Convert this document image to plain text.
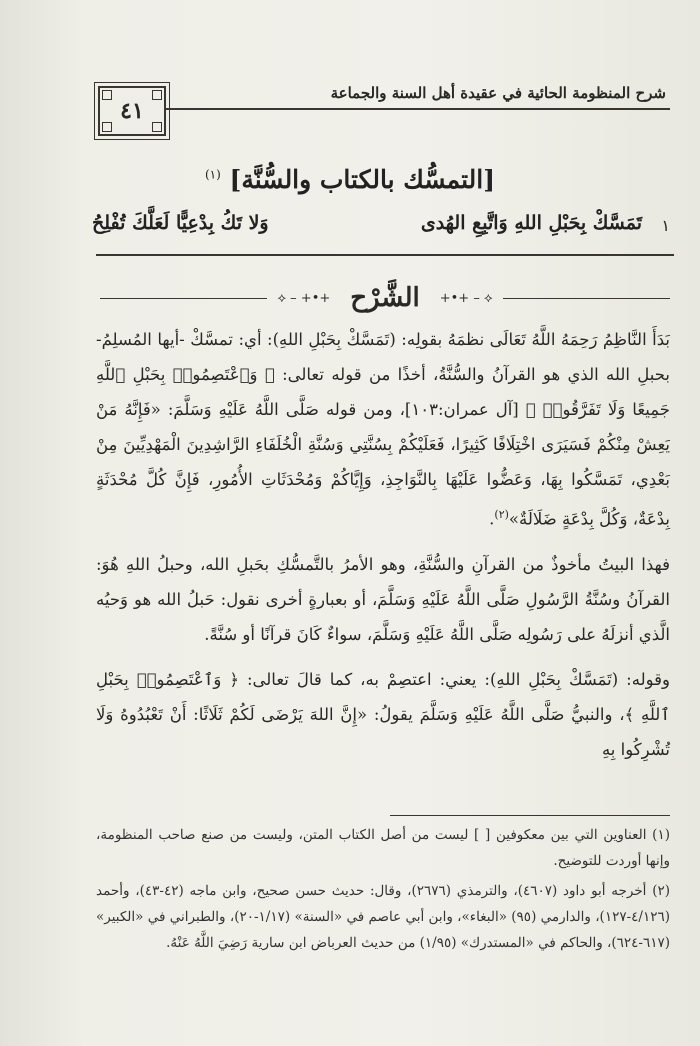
شرح المنظومة الحائية في عقيدة أهل السنة والجماعة
٤١
[التمسُّك بالكتاب والسُّنَّة] $^{(١)}$
١
تَمَسَّكْ بِحَبْلِ اللهِ وَاتَّبِعِ الهُدى
وَلا تَكُ بِدْعِيًّا لَعَلَّكَ تُفْلِحُ
⟡ – +•+ الشَّرْح	+•+ – ⟡

بَدَأَ النَّاظِمُ رَحِمَهُ اللَّهُ تَعَالَى نظمَهُ بقولِه: (تَمَسَّكْ بِحَبْلِ اللهِ): أي: تمسَّكْ -أيها المُسلِمُ- بحبلِ الله الذي هو القرآنُ والسُّنَّةُ، أخذًا من قوله تعالى: ﴿ وَٱعْتَصِمُوا۟ بِحَبْلِ ٱللَّهِ جَمِيعًا وَلَا تَفَرَّقُوا۟ ﴾ [آل عمران:١٠٣]، ومن قوله صَلَّى اللَّهُ عَلَيْهِ وَسَلَّمَ: «فَإِنَّهُ مَنْ يَعِشْ مِنْكُمْ فَسَيَرَى اخْتِلَافًا كَثِيرًا، فَعَلَيْكُمْ بِسُنَّتِي وَسُنَّةِ الْخُلَفَاءِ الرَّاشِدِينَ الْمَهْدِيِّينَ مِنْ بَعْدِي، تَمَسَّكُوا بِهَا، وَعَضُّوا عَلَيْهَا بِالنَّوَاجِذِ، وَإِيَّاكُمْ وَمُحْدَثَاتِ الأُمُورِ، فَإِنَّ كُلَّ مُحْدَثَةٍ بِدْعَةٌ، وَكُلَّ بِدْعَةٍ ضَلَالَةٌ»$^{(٢)}$.

فهذا البيتُ مأخوذٌ من القرآنِ والسُّنَّةِ، وهو الأمرُ بالتَّمسُّكِ بحَبلِ الله، وحبلُ اللهِ هُوَ: القرآنُ وسُنَّةُ الرَّسُولِ صَلَّى اللَّهُ عَلَيْهِ وَسَلَّمَ، أو بعبارةٍ أخرى نقول: حَبلُ الله هو وَحيُه الَّذي أنزلَهُ على رَسُولِه صَلَّى اللَّهُ عَلَيْهِ وَسَلَّمَ، سواءٌ كَانَ قرآنًا أو سُنَّةً.

وقوله: (تَمَسَّكْ بِحَبْلِ اللهِ): يعني: اعتصِمْ به، كما قالَ تعالى: ﴿ وَٱعْتَصِمُوا۟ بِحَبْلِ ٱللَّهِ ﴾، والنبيُّ صَلَّى اللَّهُ عَلَيْهِ وَسَلَّمَ يقولُ: «إِنَّ اللهَ يَرْضَى لَكُمْ ثَلَاثًا: أَنْ تَعْبُدُوهُ وَلَا تُشْرِكُوا بِهِ

(١) العناوين التي بين معكوفين [ ] ليست من أصل الكتاب المتن، وليست من صنع صاحب المنظومة، وإنها أوردت للتوضيح.

(٢) أخرجه أبو داود (٤٦٠٧)، والترمذي (٢٦٧٦)، وقال: حديث حسن صحيح، وابن ماجه (٤٢-٤٣)، وأحمد (٤/١٢٦-١٢٧)، والدارمي (٩٥) «البغاء»، وابن أبي عاصم في «السنة» (١/١٧-٢٠)، والطبراني في «الكبير» (٦١٧-٦٢٤)، والحاكم في «المستدرك» (١/٩٥) من حديث العرباض ابن سارية رَضِيَ اللَّهُ عَنْهُ.
